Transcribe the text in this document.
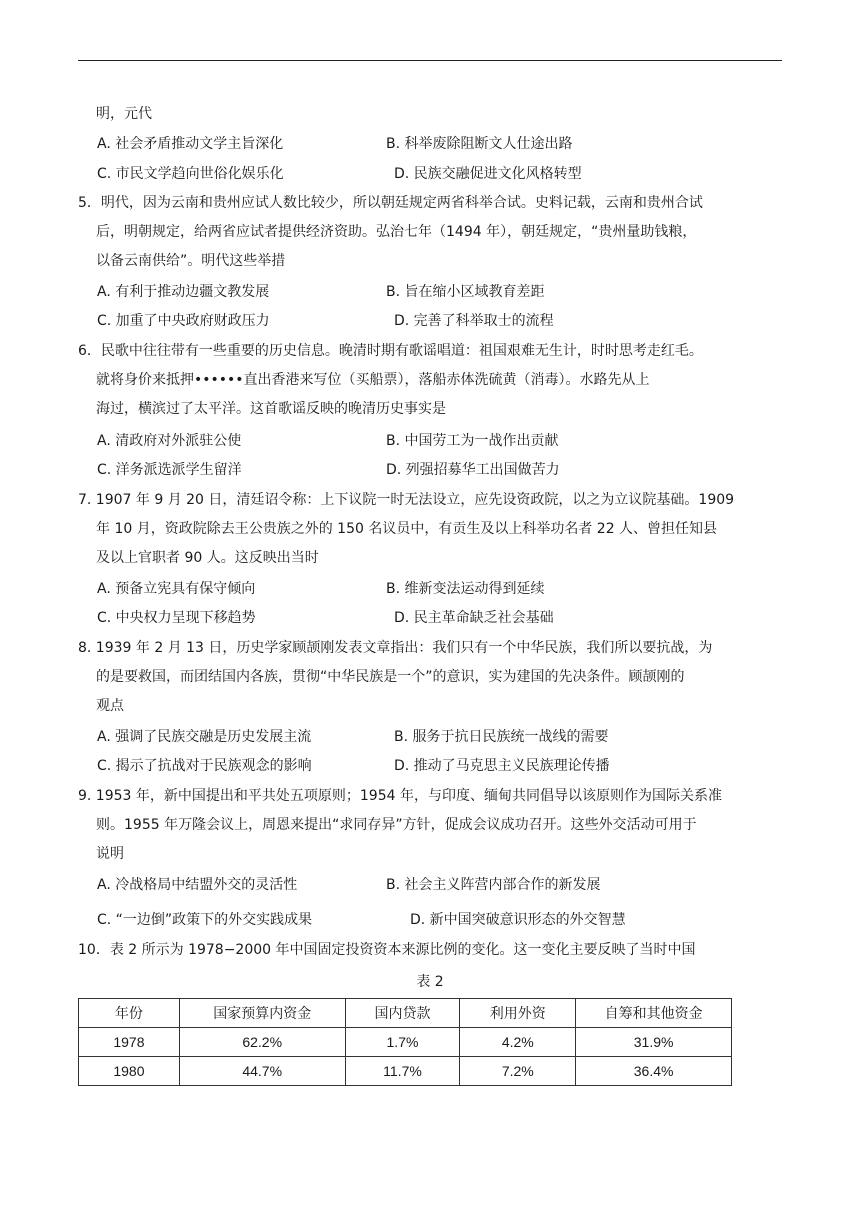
明，元代
A. 社会矛盾推动文学主旨深化	B. 科举废除阻断文人仕途出路
C. 市民文学趋向世俗化娱乐化	D. 民族交融促进文化风格转型
5．明代，因为云南和贵州应试人数比较少，所以朝廷规定两省科举合试。史料记载，云南和贵州合试
后，明朝规定，给两省应试者提供经济资助。弘治七年（1494 年），朝廷规定，“贵州量助钱粮，
以备云南供给”。明代这些举措
A. 有利于推动边疆文教发展	B. 旨在缩小区域教育差距
C. 加重了中央政府财政压力	D. 完善了科举取士的流程
6．民歌中往往带有一些重要的历史信息。晚清时期有歌谣唱道：祖国艰难无生计，时时思考走红毛。
就将身价来抵押••••••直出香港来写位（买船票），落船赤体洗硫黄（消毒）。水路先从上
海过，横滨过了太平洋。这首歌谣反映的晚清历史事实是
A. 清政府对外派驻公使	B. 中国劳工为一战作出贡献
C. 洋务派选派学生留洋	D. 列强招募华工出国做苦力
7. 1907 年 9 月 20 日，清廷诏令称：上下议院一时无法设立，应先设资政院，以之为立议院基础。1909
年 10 月，资政院除去王公贵族之外的 150 名议员中，有贡生及以上科举功名者 22 人、曾担任知县
及以上官职者 90 人。这反映出当时
A. 预备立宪具有保守倾向	B. 维新变法运动得到延续
C. 中央权力呈现下移趋势	D. 民主革命缺乏社会基础
8. 1939 年 2 月 13 日，历史学家顾颉刚发表文章指出：我们只有一个中华民族，我们所以要抗战，为
的是要救国，而团结国内各族，贯彻“中华民族是一个”的意识，实为建国的先决条件。顾颉刚的
观点
A. 强调了民族交融是历史发展主流	B. 服务于抗日民族统一战线的需要
C. 揭示了抗战对于民族观念的影响	D. 推动了马克思主义民族理论传播
9. 1953 年，新中国提出和平共处五项原则；1954 年，与印度、缅甸共同倡导以该原则作为国际关系准
则。1955 年万隆会议上，周恩来提出“求同存异”方针，促成会议成功召开。这些外交活动可用于
说明
A. 冷战格局中结盟外交的灵活性	B. 社会主义阵营内部合作的新发展
C. “一边倒”政策下的外交实践成果	D. 新中国突破意识形态的外交智慧
10．表 2 所示为 1978−2000 年中国固定投资资本来源比例的变化。这一变化主要反映了当时中国
表 2
年份	国家预算内资金	国内贷款	利用外资	自筹和其他资金
1978	62.2%	1.7%	4.2%	31.9%
1980	44.7%	11.7%	7.2%	36.4%
